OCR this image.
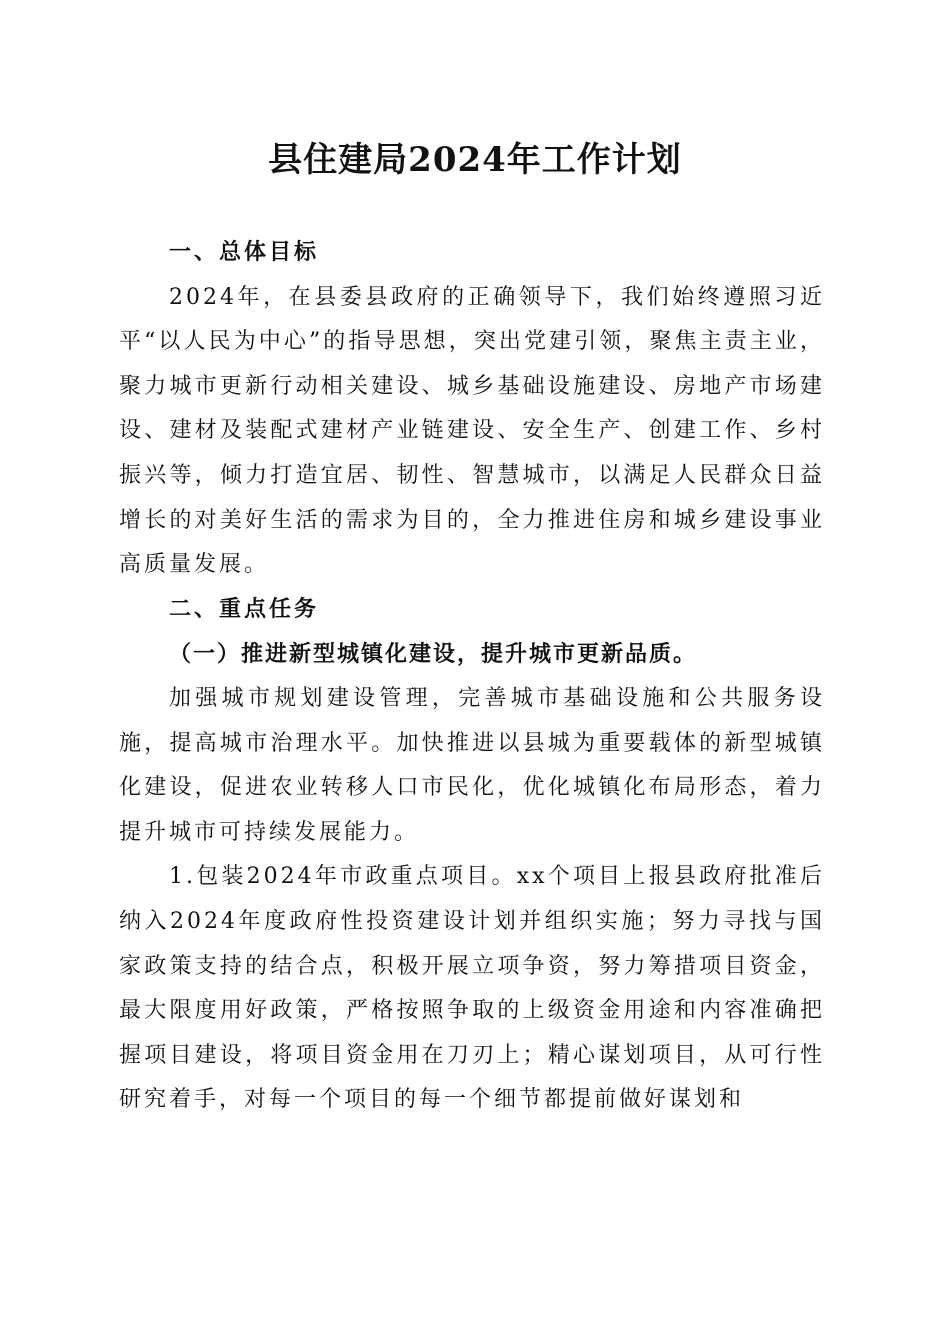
县住建局2024年工作计划

一、总体目标

2024年，在县委县政府的正确领导下，我们始终遵照习近平“以人民为中心”的指导思想，突出党建引领，聚焦主责主业，聚力城市更新行动相关建设、城乡基础设施建设、房地产市场建设、建材及装配式建材产业链建设、安全生产、创建工作、乡村振兴等，倾力打造宜居、韧性、智慧城市，以满足人民群众日益增长的对美好生活的需求为目的，全力推进住房和城乡建设事业高质量发展。

二、重点任务

（一）推进新型城镇化建设，提升城市更新品质。

加强城市规划建设管理，完善城市基础设施和公共服务设施，提高城市治理水平。加快推进以县城为重要载体的新型城镇化建设，促进农业转移人口市民化，优化城镇化布局形态，着力提升城市可持续发展能力。

1.包装2024年市政重点项目。xx个项目上报县政府批准后纳入2024年度政府性投资建设计划并组织实施；努力寻找与国家政策支持的结合点，积极开展立项争资，努力筹措项目资金，最大限度用好政策，严格按照争取的上级资金用途和内容准确把握项目建设，将项目资金用在刀刃上；精心谋划项目，从可行性研究着手，对每一个项目的每一个细节都提前做好谋划和
